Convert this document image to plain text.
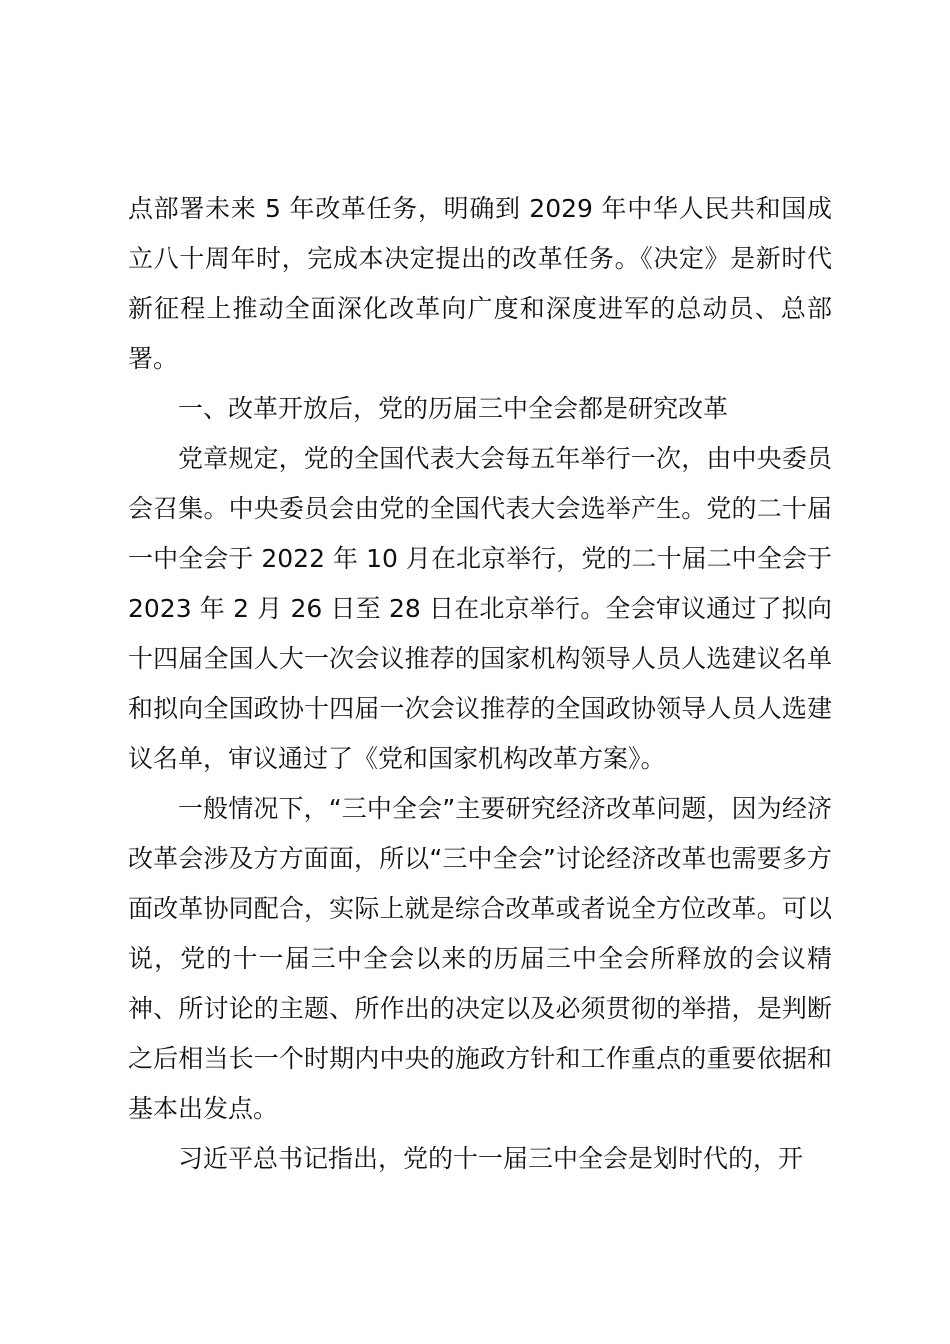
点部署未来 5 年改革任务，明确到 2029 年中华人民共和国成立八十周年时，完成本决定提出的改革任务。《决定》是新时代新征程上推动全面深化改革向广度和深度进军的总动员、总部署。

一、改革开放后，党的历届三中全会都是研究改革

党章规定，党的全国代表大会每五年举行一次，由中央委员会召集。中央委员会由党的全国代表大会选举产生。党的二十届一中全会于 2022 年 10 月在北京举行，党的二十届二中全会于 2023 年 2 月 26 日至 28 日在北京举行。全会审议通过了拟向十四届全国人大一次会议推荐的国家机构领导人员人选建议名单和拟向全国政协十四届一次会议推荐的全国政协领导人员人选建议名单，审议通过了《党和国家机构改革方案》。

一般情况下，“三中全会”主要研究经济改革问题，因为经济改革会涉及方方面面，所以“三中全会”讨论经济改革也需要多方面改革协同配合，实际上就是综合改革或者说全方位改革。可以说，党的十一届三中全会以来的历届三中全会所释放的会议精神、所讨论的主题、所作出的决定以及必须贯彻的举措，是判断之后相当长一个时期内中央的施政方针和工作重点的重要依据和基本出发点。

习近平总书记指出，党的十一届三中全会是划时代的，开
